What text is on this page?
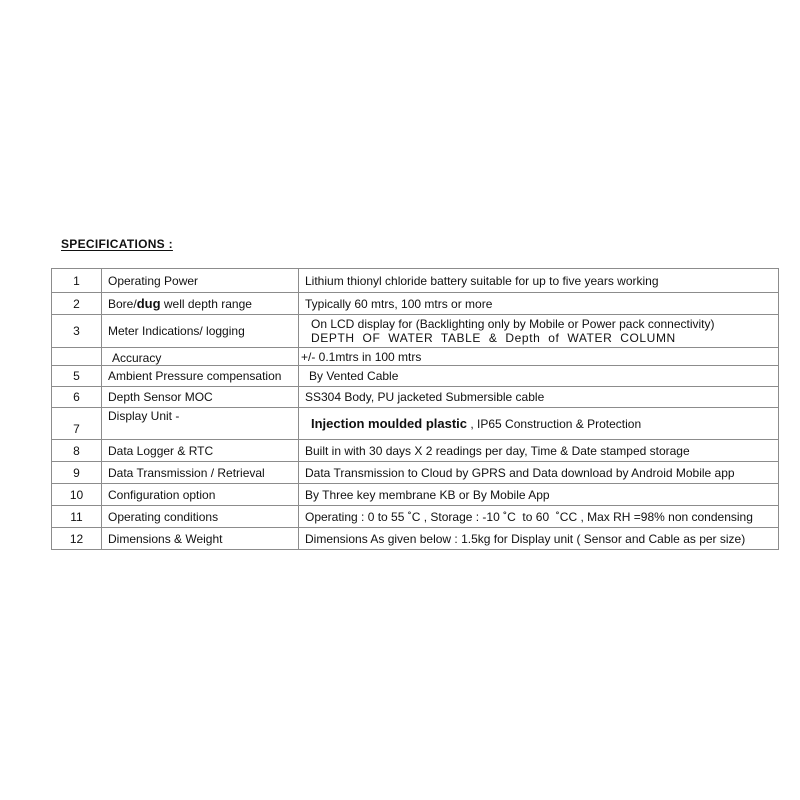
SPECIFICATIONS :
1	Operating Power	Lithium thionyl chloride battery suitable for up to five years working
2	Bore/dug well depth range	Typically 60 mtrs, 100 mtrs or more
3	Meter Indications/ logging	On LCD display for (Backlighting only by Mobile or Power pack connectivity)
DEPTH  OF  WATER  TABLE  &  Depth  of  WATER  COLUMN

	Accuracy	+/- 0.1mtrs in 100 mtrs
5	Ambient Pressure compensation	By Vented Cable
6	Depth Sensor MOC	SS304 Body, PU jacketed Submersible cable
7	Display Unit -	Injection moulded plastic , IP65 Construction & Protection
8	Data Logger & RTC	Built in with 30 days X 2 readings per day, Time & Date stamped storage
9	Data Transmission / Retrieval	Data Transmission to Cloud by GPRS and Data download by Android Mobile app
10	Configuration option	By Three key membrane KB or By Mobile App
11	Operating conditions	Operating : 0 to 55 ˚C , Storage : -10 ˚C  to 60  ˚CC , Max RH =98% non condensing
12	Dimensions & Weight	Dimensions As given below : 1.5kg for Display unit ( Sensor and Cable as per size)
